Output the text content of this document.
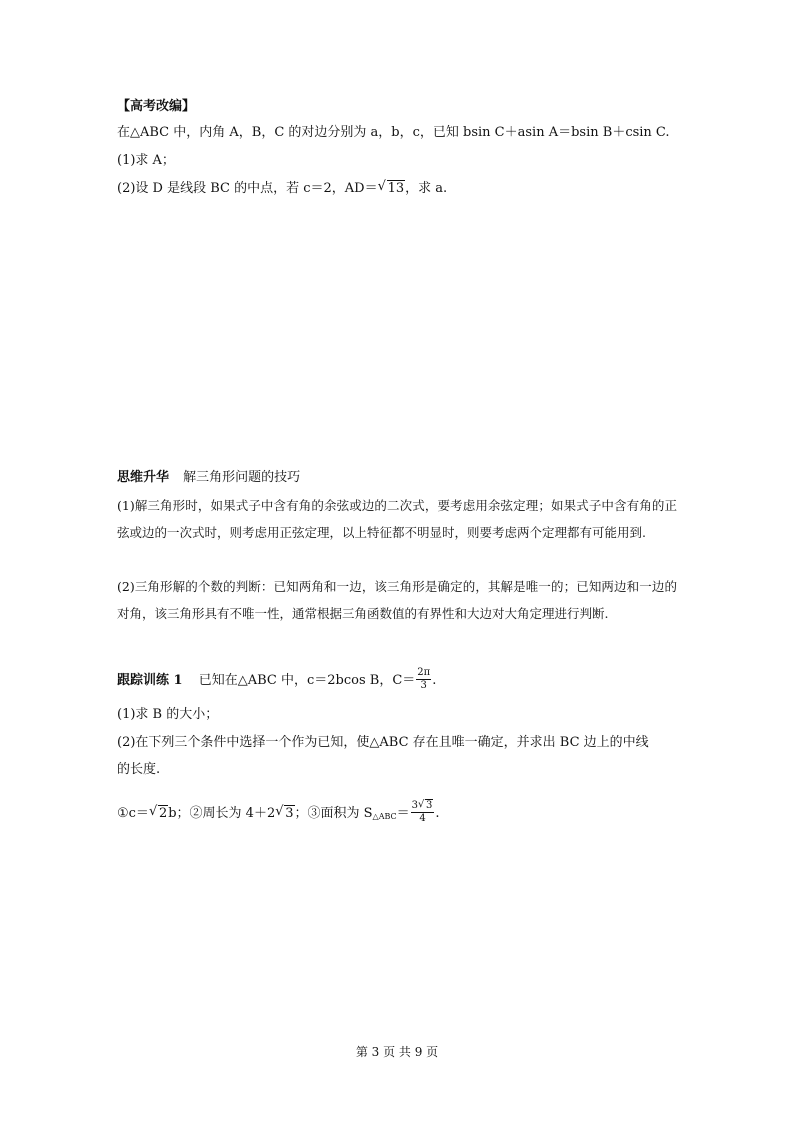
【高考改编】
在△ABC 中，内角 A，B，C 的对边分别为 a，b，c，已知 bsin C＋asin A＝bsin B＋csin C.
(1)求 A；
(2)设 D 是线段 BC 的中点，若 c＝2，AD＝ √ 13，求 a.
思维升华 解三角形问题的技巧
(1)解三角形时，如果式子中含有角的余弦或边的二次式，要考虑用余弦定理；如果式子中含有角的正弦或边的一次式时，则考虑用正弦定理，以上特征都不明显时，则要考虑两个定理都有可能用到.
(2)三角形解的个数的判断：已知两角和一边，该三角形是确定的，其解是唯一的；已知两边和一边的对角，该三角形具有不唯一性，通常根据三角函数值的有界性和大边对大角定理进行判断.
跟踪训练 1 已知在△ABC 中，c＝2bcos B，$C= \frac{2\pi}{3}$ .
(1)求 B 的大小；
(2)在下列三个条件中选择一个作为已知，使△ABC 存在且唯一确定，并求出 BC 边上的中线
的长度.
①c＝ √ 2b；②周长为 4＋2 √ 3；③面积为 $S_{\triangle ABC}= \frac{3 √ 3}{4}$ .
第 3 页 共 9 页
